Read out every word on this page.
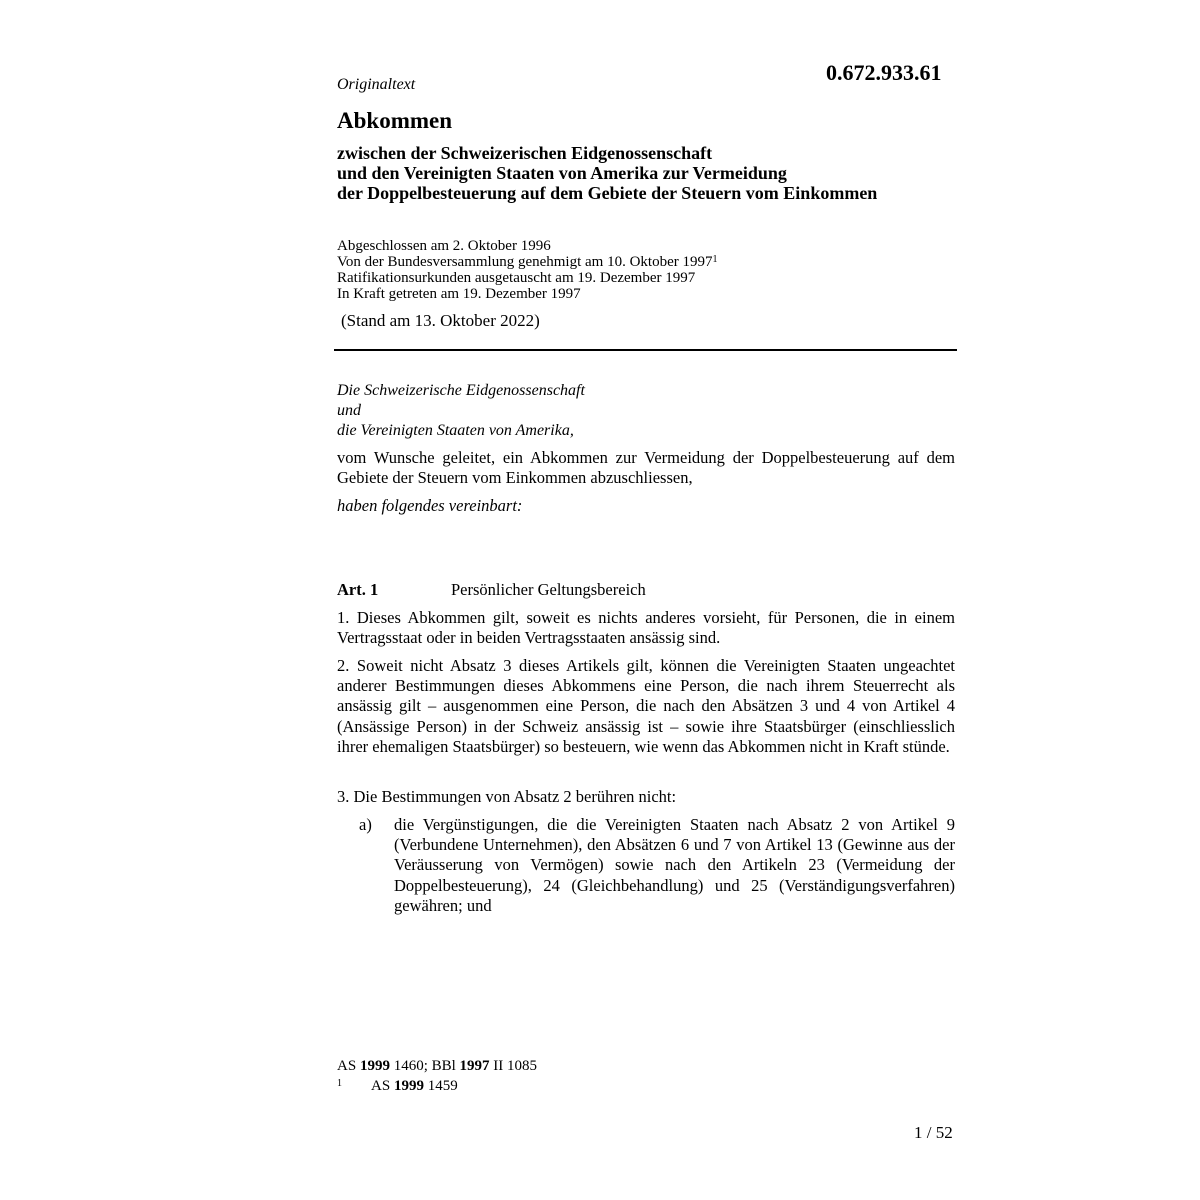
Originaltext	0.672.933.61
Abkommen
zwischen der Schweizerischen Eidgenossenschaft
und den Vereinigten Staaten von Amerika zur Vermeidung
der Doppelbesteuerung auf dem Gebiete der Steuern vom Einkommen
Abgeschlossen am 2. Oktober 1996
Von der Bundesversammlung genehmigt am 10. Oktober 1997$^1$
Ratifikationsurkunden ausgetauscht am 19. Dezember 1997
In Kraft getreten am 19. Dezember 1997
(Stand am 13. Oktober 2022)
Die Schweizerische Eidgenossenschaft
und
die Vereinigten Staaten von Amerika,
vom Wunsche geleitet, ein Abkommen zur Vermeidung der Doppelbesteuerung auf dem Gebiete der Steuern vom Einkommen abzuschliessen,
haben folgendes vereinbart:
Art. 1	Persönlicher Geltungsbereich
1. Dieses Abkommen gilt, soweit es nichts anderes vorsieht, für Personen, die in einem Vertragsstaat oder in beiden Vertragsstaaten ansässig sind.
2. Soweit nicht Absatz 3 dieses Artikels gilt, können die Vereinigten Staaten ungeachtet anderer Bestimmungen dieses Abkommens eine Person, die nach ihrem Steuerrecht als ansässig gilt – ausgenommen eine Person, die nach den Absätzen 3 und 4 von Artikel 4 (Ansässige Person) in der Schweiz ansässig ist – sowie ihre Staatsbürger (einschliesslich ihrer ehemaligen Staatsbürger) so besteuern, wie wenn das Abkommen nicht in Kraft stünde.
3. Die Bestimmungen von Absatz 2 berühren nicht:
a) die Vergünstigungen, die die Vereinigten Staaten nach Absatz 2 von Artikel 9 (Verbundene Unternehmen), den Absätzen 6 und 7 von Artikel 13 (Gewinne aus der Veräusserung von Vermögen) sowie nach den Artikeln 23 (Vermeidung der Doppelbesteuerung), 24 (Gleichbehandlung) und 25 (Verständigungsverfahren) gewähren; und
AS 1999 1460; BBl 1997 II 1085
$^1$ AS 1999 1459
1 / 52
